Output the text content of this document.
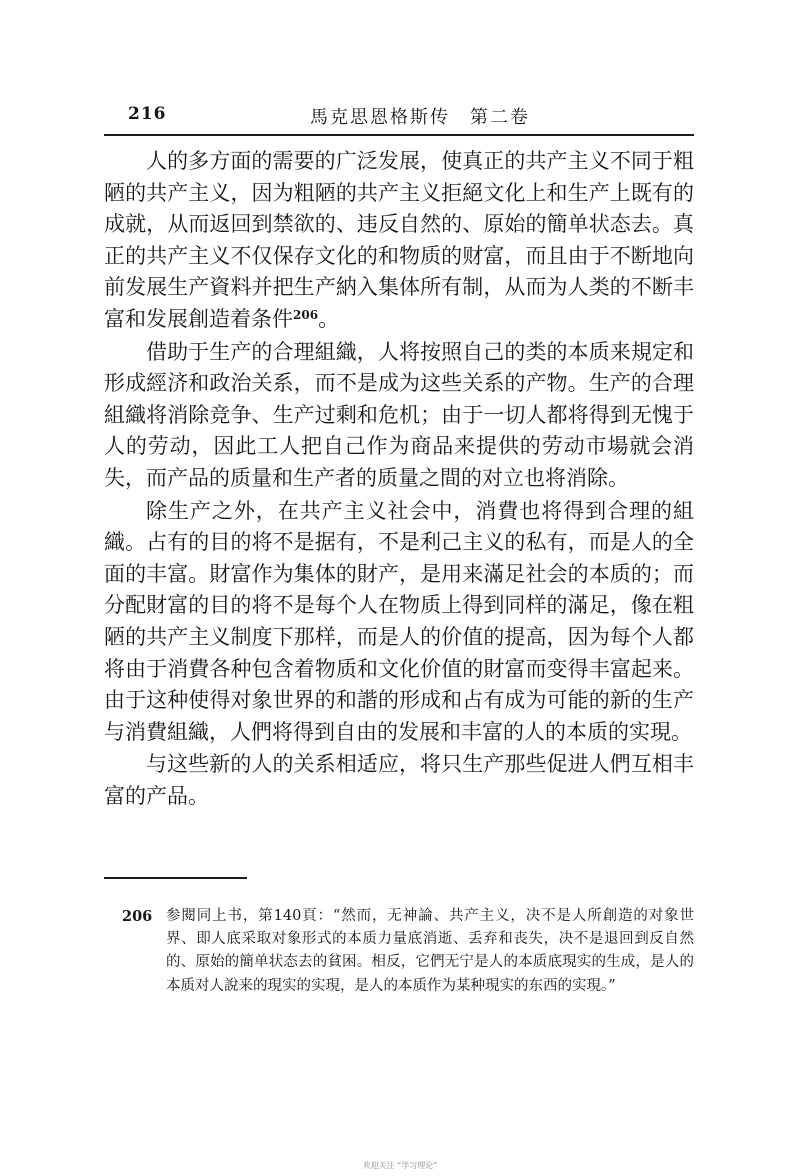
216	馬克思恩格斯传　第二卷

人的多方面的需要的广泛发展，使真正的共产主义不同于粗陋的共产主义，因为粗陋的共产主义拒絕文化上和生产上既有的成就，从而返回到禁欲的、违反自然的、原始的簡单状态去。真正的共产主义不仅保存文化的和物质的财富，而且由于不断地向前发展生产資料并把生产納入集体所有制，从而为人类的不断丰富和发展創造着条件$^{206}$。

借助于生产的合理組織，人将按照自己的类的本质来規定和形成經济和政治关系，而不是成为这些关系的产物。生产的合理組織将消除竞争、生产过剩和危机；由于一切人都将得到无愧于人的劳动，因此工人把自己作为商品来提供的劳动市場就会消失，而产品的质量和生产者的质量之間的对立也将消除。

除生产之外，在共产主义社会中，消費也将得到合理的組織。占有的目的将不是据有，不是利己主义的私有，而是人的全面的丰富。財富作为集体的財产，是用来滿足社会的本质的；而分配財富的目的将不是每个人在物质上得到同样的滿足，像在粗陋的共产主义制度下那样，而是人的价值的提高，因为每个人都将由于消費各种包含着物质和文化价值的財富而变得丰富起来。由于这种使得对象世界的和諧的形成和占有成为可能的新的生产与消費組織，人們将得到自由的发展和丰富的人的本质的实現。

与这些新的人的关系相适应，将只生产那些促进人們互相丰富的产品。

206 参閱同上书，第140頁：“然而，无神論、共产主义，决不是人所創造的对象世界、即人底采取对象形式的本质力量底消逝、丢弃和丧失，决不是退回到反自然的、原始的簡单状态去的貧困。相反，它們无宁是人的本质底現实的生成，是人的本质对人說来的現实的实現，是人的本质作为某种現实的东西的实現。”

欢迎关注 “学习理论”
